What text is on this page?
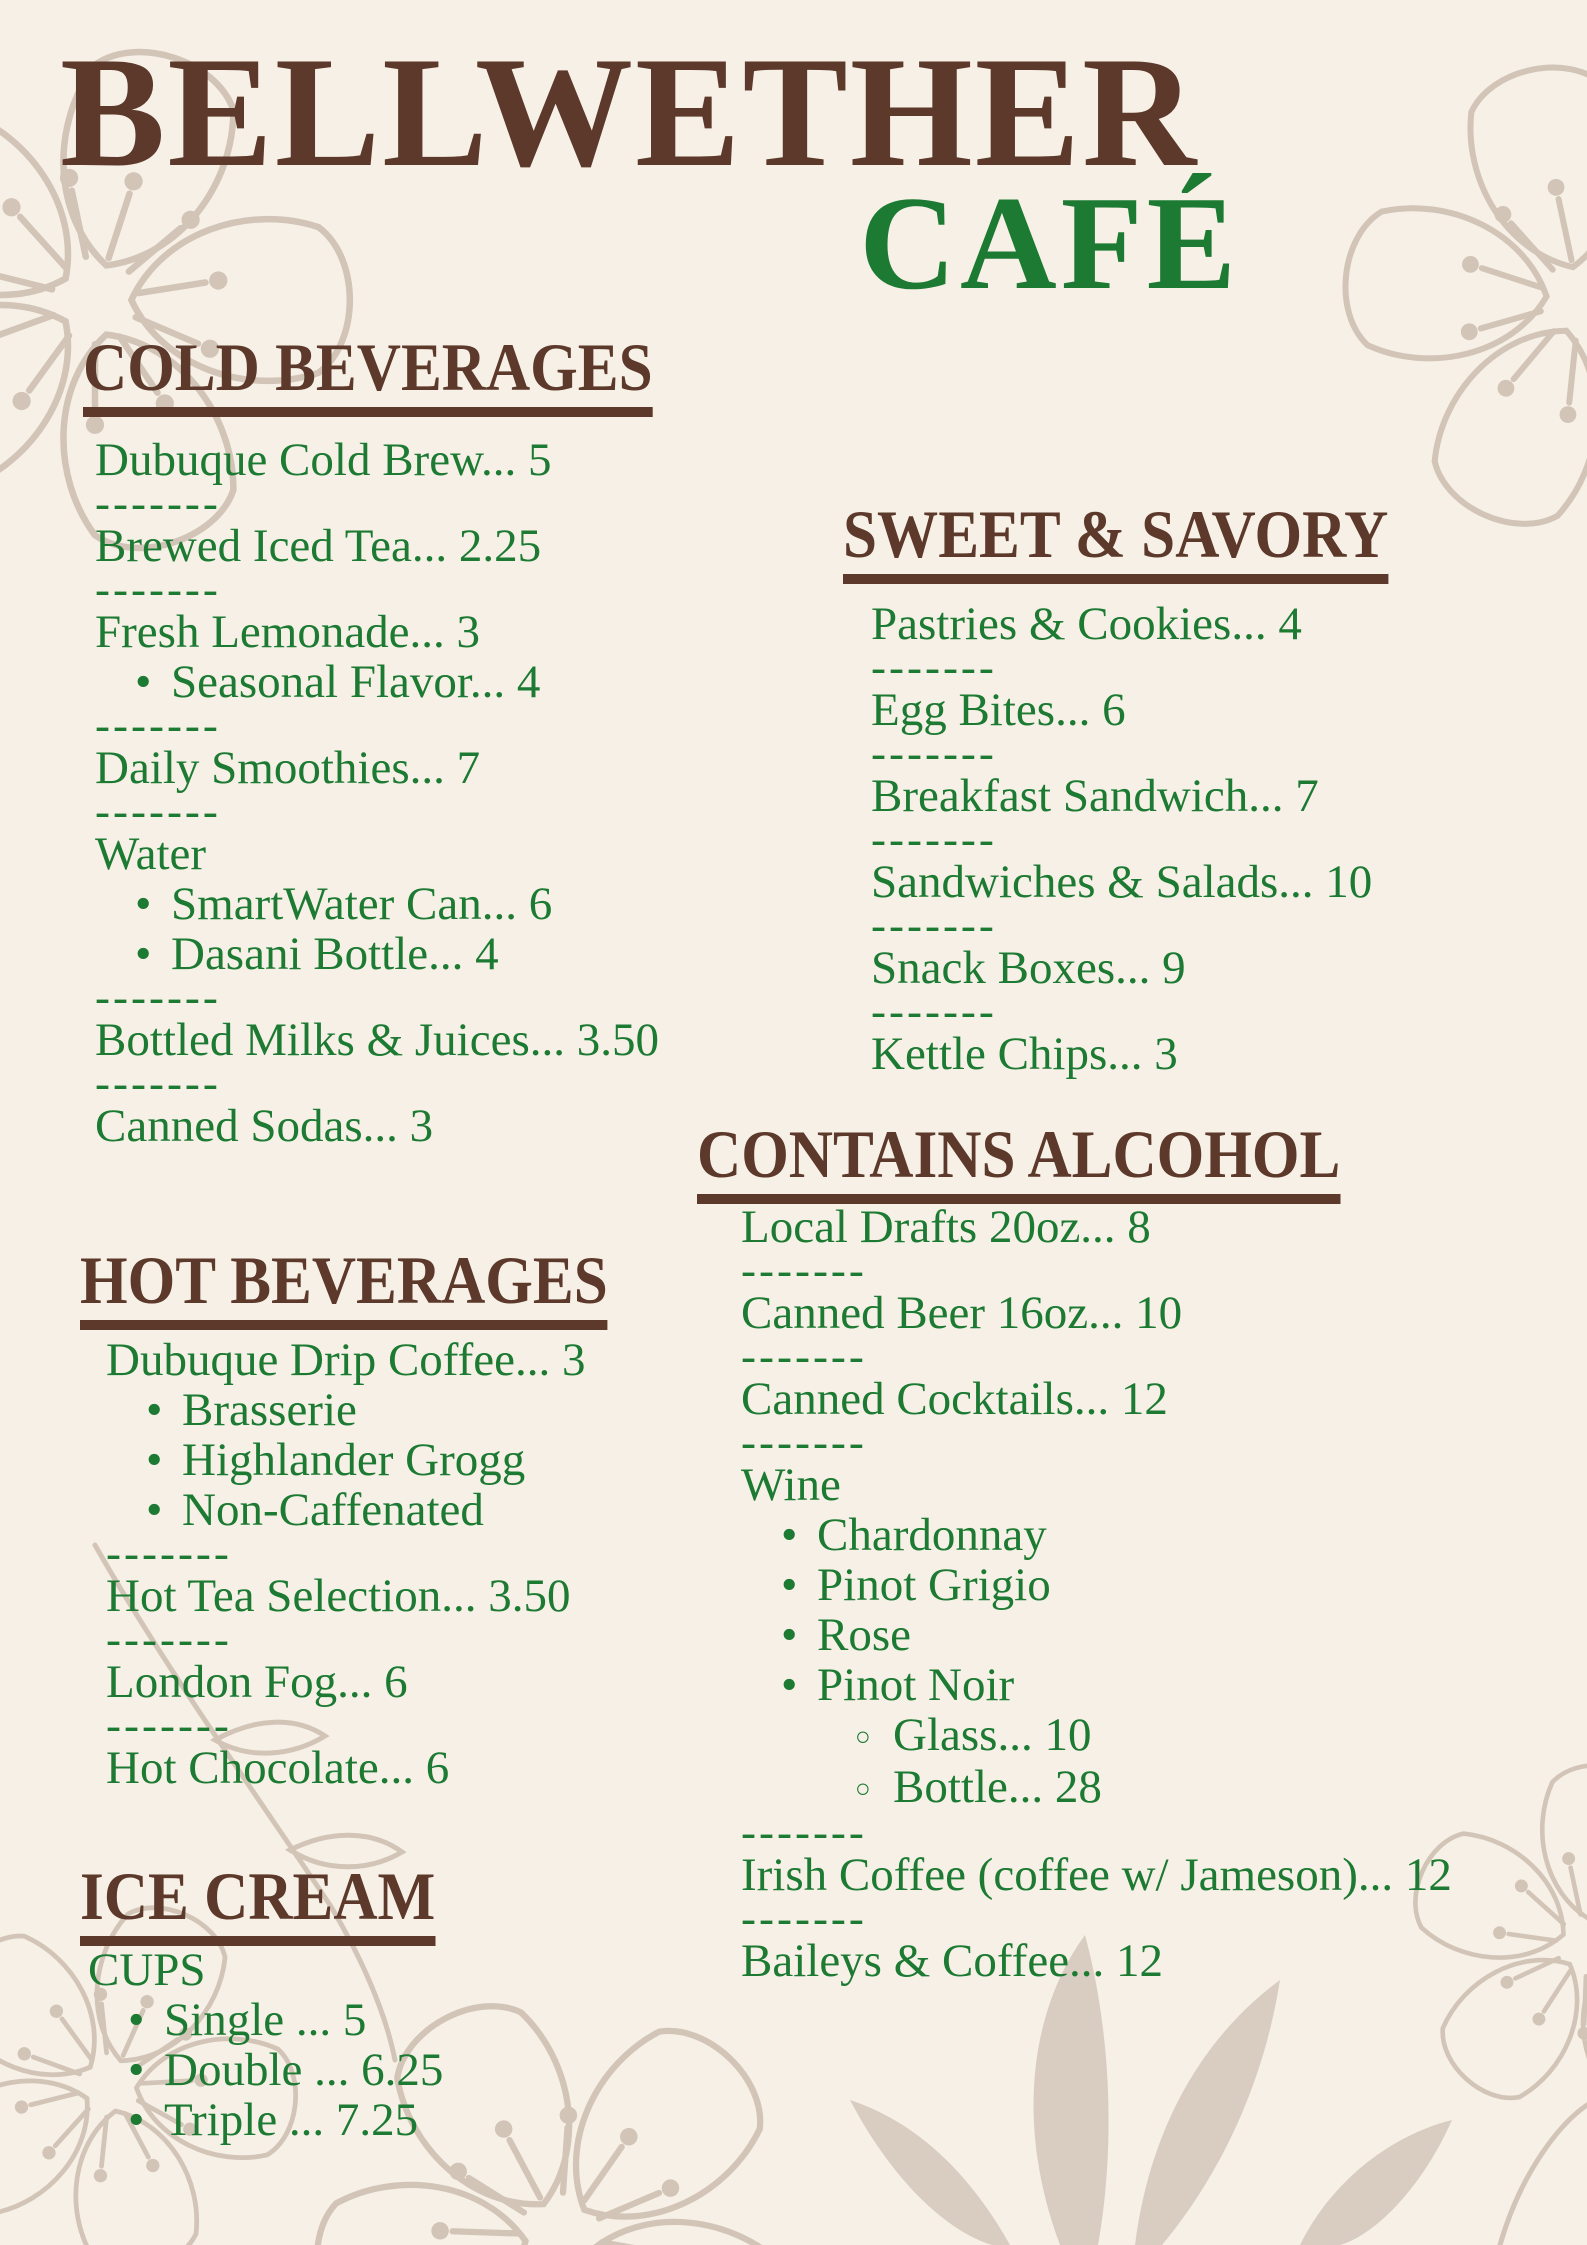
BELLWETHER
CAFÉ
COLD BEVERAGES
Dubuque Cold Brew... 5
-------
Brewed Iced Tea... 2.25
-------
Fresh Lemonade... 3
• Seasonal Flavor... 4
-------
Daily Smoothies... 7
-------
Water
• SmartWater Can... 6
• Dasani Bottle... 4
-------
Bottled Milks & Juices... 3.50
-------
Canned Sodas... 3
HOT BEVERAGES
Dubuque Drip Coffee... 3
• Brasserie
• Highlander Grogg
• Non-Caffenated
-------
Hot Tea Selection... 3.50
-------
London Fog... 6
-------
Hot Chocolate... 6
ICE CREAM
CUPS
• Single ... 5
• Double ... 6.25
• Triple ... 7.25
SWEET & SAVORY
Pastries & Cookies... 4
-------
Egg Bites... 6
-------
Breakfast Sandwich... 7
-------
Sandwiches & Salads... 10
-------
Snack Boxes... 9
-------
Kettle Chips... 3
CONTAINS ALCOHOL
Local Drafts 20oz... 8
-------
Canned Beer 16oz... 10
-------
Canned Cocktails... 12
-------
Wine
• Chardonnay
• Pinot Grigio
• Rose
• Pinot Noir
○ Glass... 10
○ Bottle... 28
-------
Irish Coffee (coffee w/ Jameson)... 12
-------
Baileys & Coffee... 12
